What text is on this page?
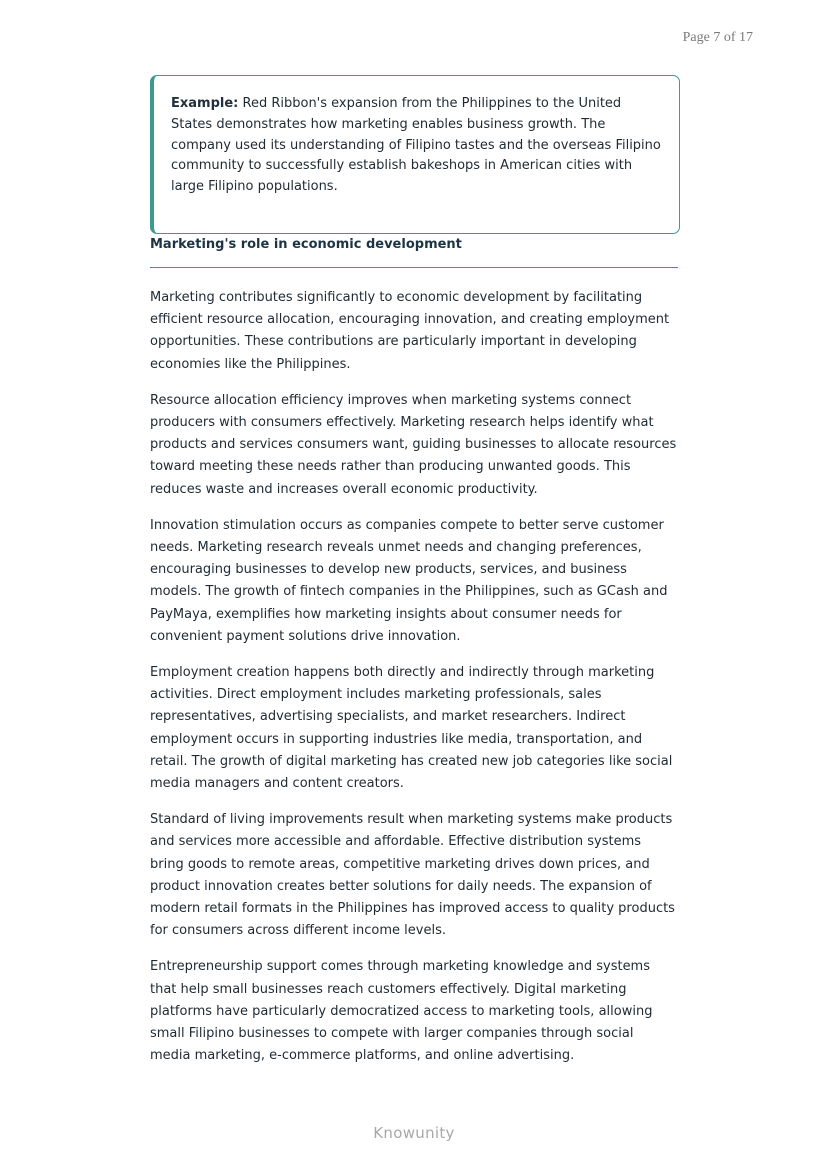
Page 7 of 17
Example: Red Ribbon's expansion from the Philippines to the United States demonstrates how marketing enables business growth. The company used its understanding of Filipino tastes and the overseas Filipino community to successfully establish bakeshops in American cities with large Filipino populations.
Marketing's role in economic development

Marketing contributes significantly to economic development by facilitating efficient resource allocation, encouraging innovation, and creating employment opportunities. These contributions are particularly important in developing economies like the Philippines.

Resource allocation efficiency improves when marketing systems connect producers with consumers effectively. Marketing research helps identify what products and services consumers want, guiding businesses to allocate resources toward meeting these needs rather than producing unwanted goods. This reduces waste and increases overall economic productivity.

Innovation stimulation occurs as companies compete to better serve customer needs. Marketing research reveals unmet needs and changing preferences, encouraging businesses to develop new products, services, and business models. The growth of fintech companies in the Philippines, such as GCash and PayMaya, exemplifies how marketing insights about consumer needs for convenient payment solutions drive innovation.

Employment creation happens both directly and indirectly through marketing activities. Direct employment includes marketing professionals, sales representatives, advertising specialists, and market researchers. Indirect employment occurs in supporting industries like media, transportation, and retail. The growth of digital marketing has created new job categories like social media managers and content creators.

Standard of living improvements result when marketing systems make products and services more accessible and affordable. Effective distribution systems bring goods to remote areas, competitive marketing drives down prices, and product innovation creates better solutions for daily needs. The expansion of modern retail formats in the Philippines has improved access to quality products for consumers across different income levels.

Entrepreneurship support comes through marketing knowledge and systems that help small businesses reach customers effectively. Digital marketing platforms have particularly democratized access to marketing tools, allowing small Filipino businesses to compete with larger companies through social media marketing, e-commerce platforms, and online advertising.

Knowunity
